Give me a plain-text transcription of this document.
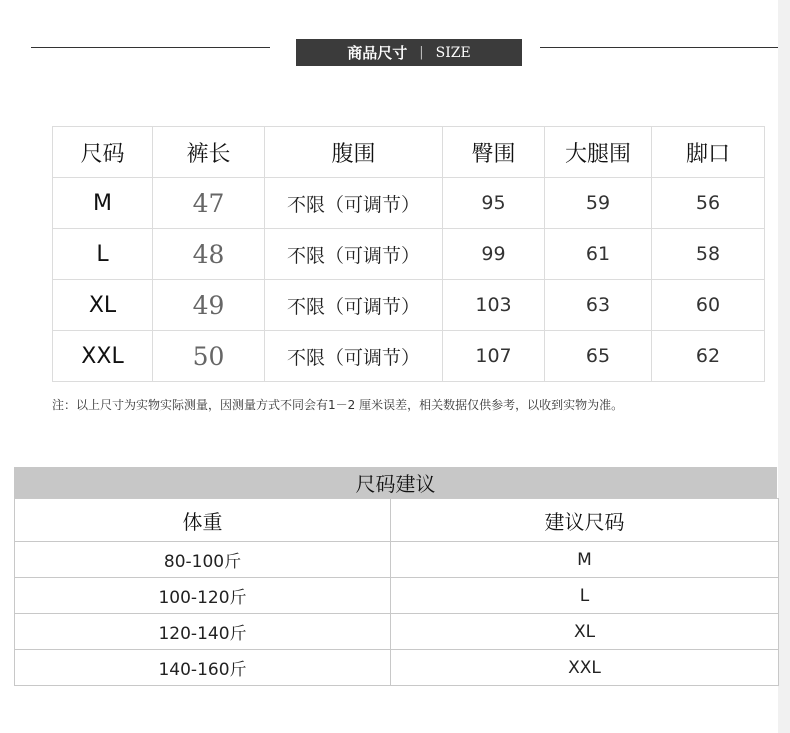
商品尺寸 | SIZE
尺码	裤长	腹围	臀围	大腿围	脚口
M	47	不限（可调节）	95	59	56
L	48	不限（可调节）	99	61	58
XL	49	不限（可调节）	103	63	60
XXL	50	不限（可调节）	107	65	62
注：以上尺寸为实物实际测量，因测量方式不同会有1－2 厘米误差，相关数据仅供参考，以收到实物为准。
尺码建议
体重	建议尺码
80-100斤	M
100-120斤	L
120-140斤	XL
140-160斤	XXL
